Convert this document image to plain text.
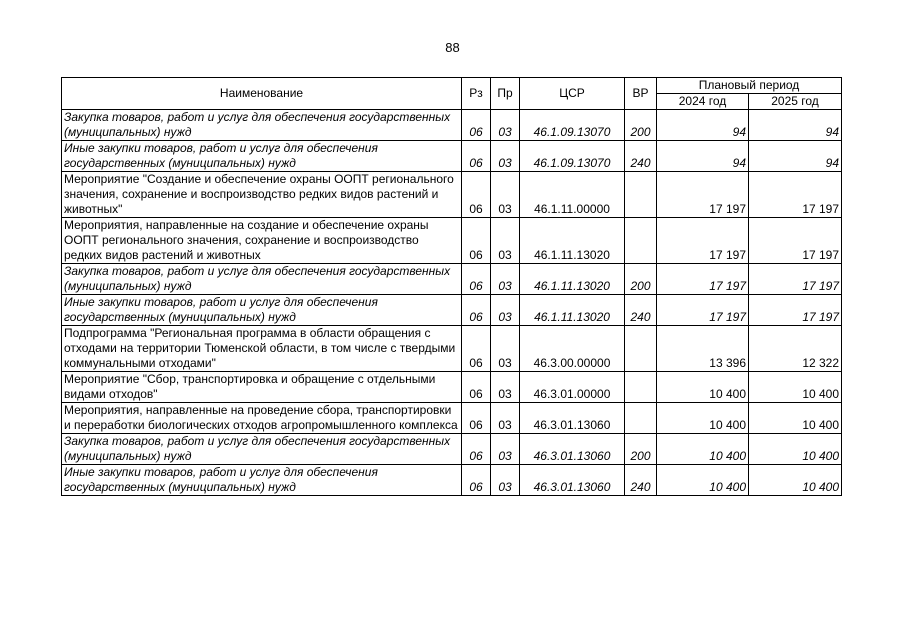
88
Наименование	Рз	Пр	ЦСР	ВР	Плановый период	
					2024 год	2025 год
Закупка товаров, работ и услуг для обеспечения государственных (муниципальных) нужд	06	03	46.1.09.13070	200	94	94
Иные закупки товаров, работ и услуг для обеспечения государственных (муниципальных) нужд	06	03	46.1.09.13070	240	94	94
Мероприятие "Создание и обеспечение охраны ООПТ регионального значения, сохранение и воспроизводство редких видов растений и животных"	06	03	46.1.11.00000		17 197	17 197
Мероприятия, направленные на создание и обеспечение охраны ООПТ регионального значения, сохранение и воспроизводство редких видов растений и животных	06	03	46.1.11.13020		17 197	17 197
Закупка товаров, работ и услуг для обеспечения государственных (муниципальных) нужд	06	03	46.1.11.13020	200	17 197	17 197
Иные закупки товаров, работ и услуг для обеспечения государственных (муниципальных) нужд	06	03	46.1.11.13020	240	17 197	17 197
Подпрограмма "Региональная программа в области обращения с отходами на территории Тюменской области, в том числе с твердыми коммунальными отходами"	06	03	46.3.00.00000		13 396	12 322
Мероприятие "Сбор, транспортировка и обращение с отдельными видами отходов"	06	03	46.3.01.00000		10 400	10 400
Мероприятия, направленные на проведение сбора, транспортировки и переработки биологических отходов агропромышленного комплекса	06	03	46.3.01.13060		10 400	10 400
Закупка товаров, работ и услуг для обеспечения государственных (муниципальных) нужд	06	03	46.3.01.13060	200	10 400	10 400
Иные закупки товаров, работ и услуг для обеспечения государственных (муниципальных) нужд	06	03	46.3.01.13060	240	10 400	10 400
